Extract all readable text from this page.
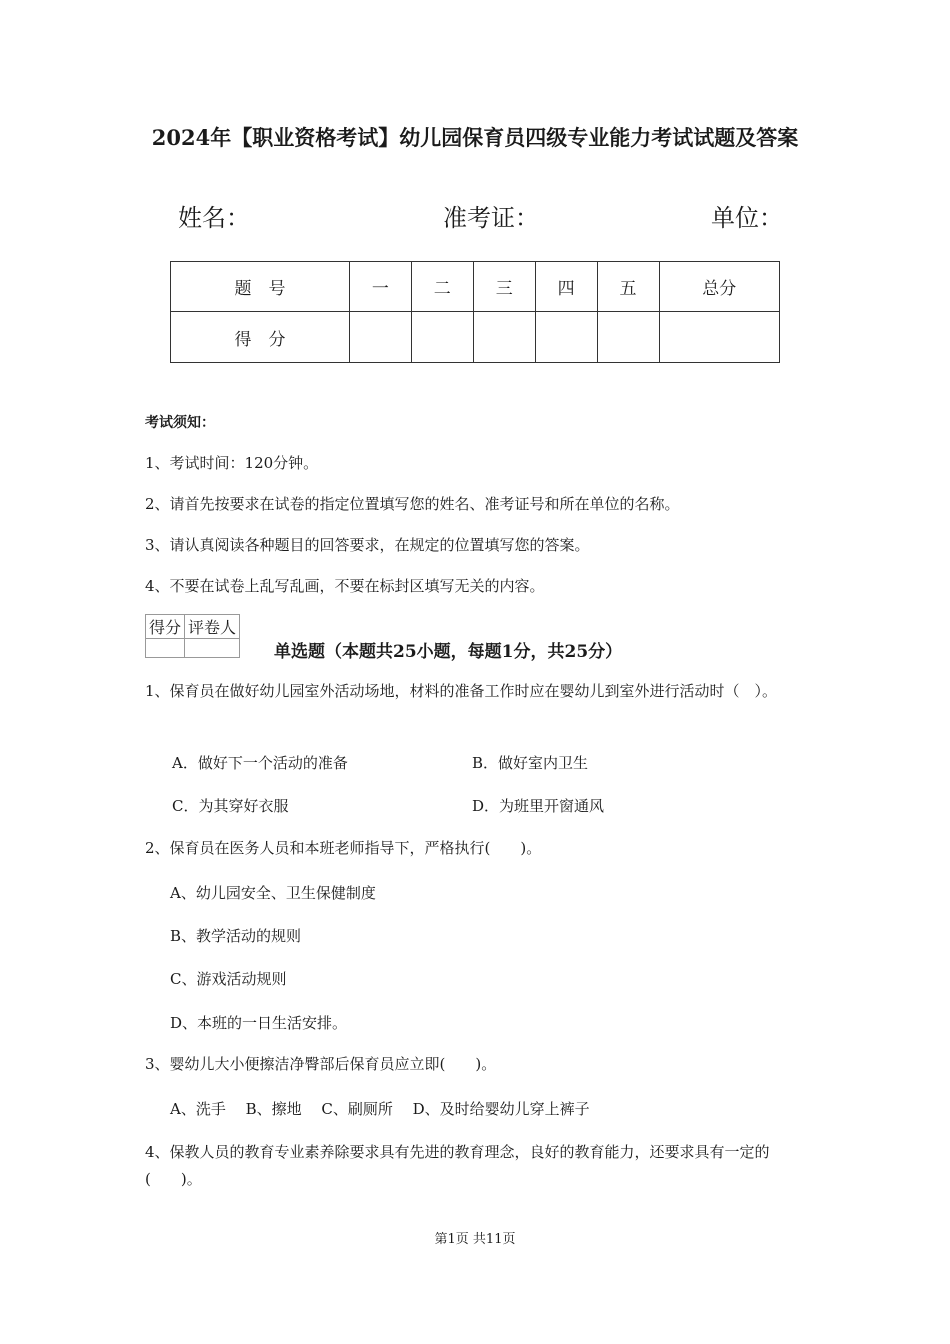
2024年【职业资格考试】幼儿园保育员四级专业能力考试试题及答案
姓名：	准考证：	单位：
题　号	一	二	三	四	五	总分
得　分						
考试须知：
1、考试时间：120分钟。
2、请首先按要求在试卷的指定位置填写您的姓名、准考证号和所在单位的名称。
3、请认真阅读各种题目的回答要求，在规定的位置填写您的答案。
4、不要在试卷上乱写乱画，不要在标封区填写无关的内容。
得分	评卷人

单选题（本题共25小题，每题1分，共25分）
1、保育员在做好幼儿园室外活动场地，材料的准备工作时应在婴幼儿到室外进行活动时（　）。
A．做好下一个活动的准备	B．做好室内卫生
C．为其穿好衣服	D．为班里开窗通风
2、保育员在医务人员和本班老师指导下，严格执行(　　)。
A、幼儿园安全、卫生保健制度
B、教学活动的规则
C、游戏活动规则
D、本班的一日生活安排。
3、婴幼儿大小便擦洁净臀部后保育员应立即(　　)。
A、洗手　 B、擦地　 C、刷厕所　 D、及时给婴幼儿穿上裤子
4、保教人员的教育专业素养除要求具有先进的教育理念，良好的教育能力，还要求具有一定的(　　)。
第1页 共11页
